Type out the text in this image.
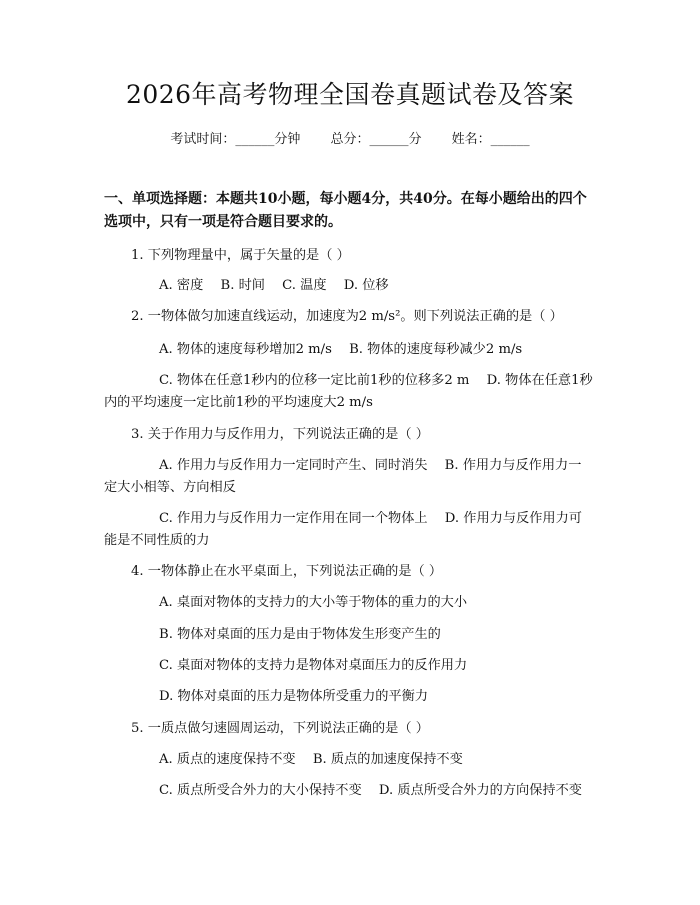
2026年高考物理全国卷真题试卷及答案
考试时间：______分钟 总分：______分 姓名：______
一、单项选择题：本题共10小题，每小题4分，共40分。在每小题给出的四个选项中，只有一项是符合题目要求的。
1. 下列物理量中，属于矢量的是（ ）
A. 密度 B. 时间 C. 温度 D. 位移
2. 一物体做匀加速直线运动，加速度为2 m/s²。则下列说法正确的是（ ）
A. 物体的速度每秒增加2 m/s B. 物体的速度每秒减少2 m/s
C. 物体在任意1秒内的位移一定比前1秒的位移多2 m D. 物体在任意1秒内的平均速度一定比前1秒的平均速度大2 m/s
3. 关于作用力与反作用力，下列说法正确的是（ ）
A. 作用力与反作用力一定同时产生、同时消失 B. 作用力与反作用力一定大小相等、方向相反
C. 作用力与反作用力一定作用在同一个物体上 D. 作用力与反作用力可能是不同性质的力
4. 一物体静止在水平桌面上，下列说法正确的是（ ）
A. 桌面对物体的支持力的大小等于物体的重力的大小
B. 物体对桌面的压力是由于物体发生形变产生的
C. 桌面对物体的支持力是物体对桌面压力的反作用力
D. 物体对桌面的压力是物体所受重力的平衡力
5. 一质点做匀速圆周运动，下列说法正确的是（ ）
A. 质点的速度保持不变 B. 质点的加速度保持不变
C. 质点所受合外力的大小保持不变 D. 质点所受合外力的方向保持不变
